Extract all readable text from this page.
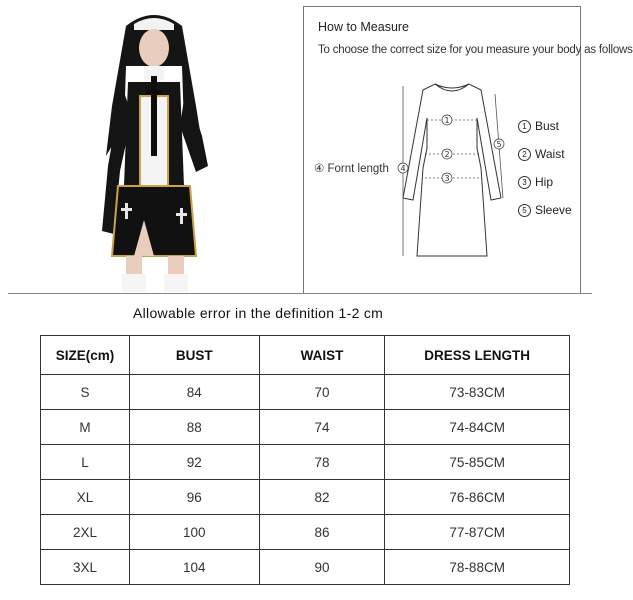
How to Measure
To choose the correct size for you measure your body as follows
④ Fornt length
1
2
3
4
5
1 Bust
2 Waist
3 Hip
5 Sleeve
Allowable error in the definition 1-2 cm
SIZE(cm)	BUST	WAIST	DRESS LENGTH
S	84	70	73-83CM
M	88	74	74-84CM
L	92	78	75-85CM
XL	96	82	76-86CM
2XL	100	86	77-87CM
3XL	104	90	78-88CM
